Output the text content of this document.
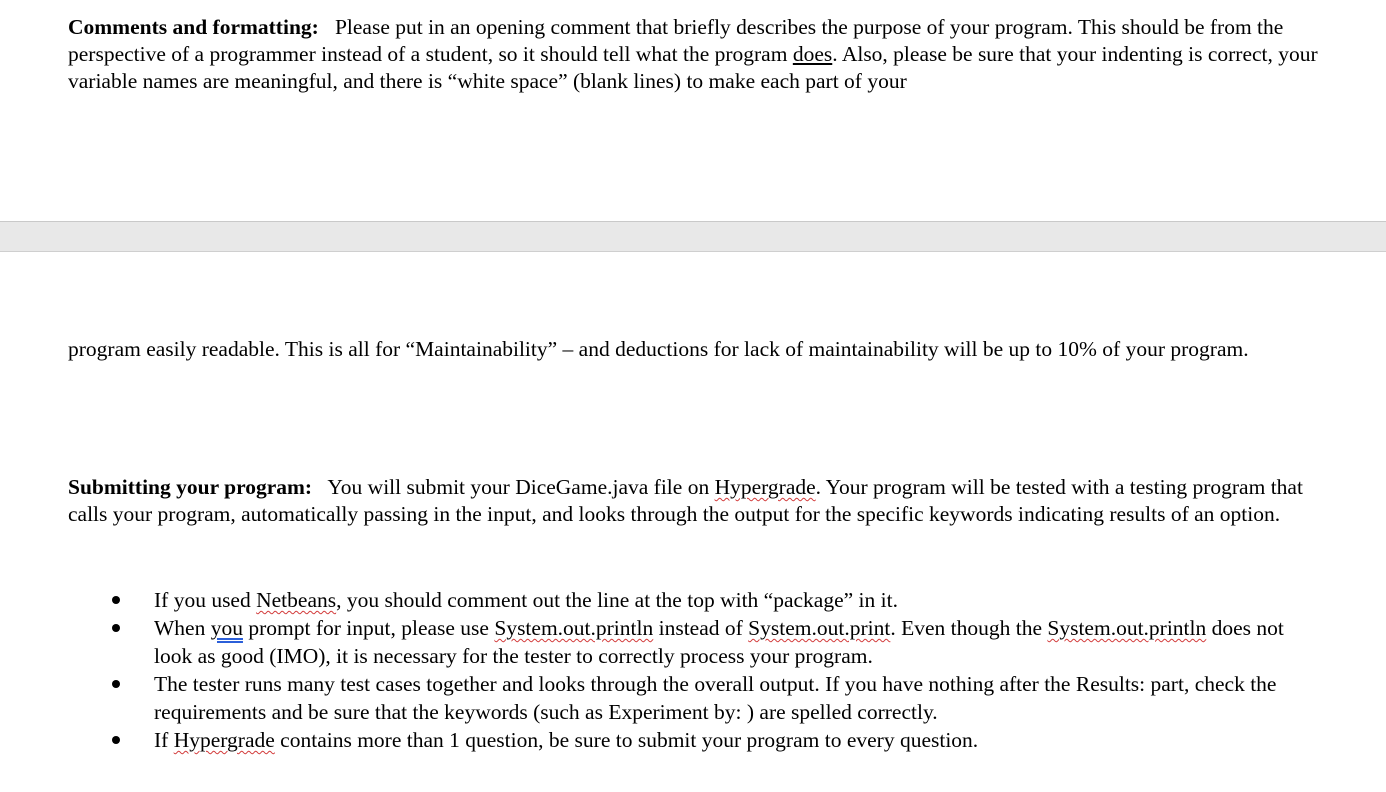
Comments and formatting: Please put in an opening comment that briefly describes the purpose of your program. This should be from the perspective of a programmer instead of a student, so it should tell what the program does. Also, please be sure that your indenting is correct, your variable names are meaningful, and there is “white space” (blank lines) to make each part of your
program easily readable. This is all for “Maintainability” – and deductions for lack of maintainability will be up to 10% of your program.
Submitting your program: You will submit your DiceGame.java file on Hypergrade. Your program will be tested with a testing program that calls your program, automatically passing in the input, and looks through the output for the specific keywords indicating results of an option.
If you used Netbeans, you should comment out the line at the top with “package” in it.
When you prompt for input, please use System.out.println instead of System.out.print. Even though the System.out.println does not look as good (IMO), it is necessary for the tester to correctly process your program.
The tester runs many test cases together and looks through the overall output. If you have nothing after the Results: part, check the requirements and be sure that the keywords (such as Experiment by: ) are spelled correctly.
If Hypergrade contains more than 1 question, be sure to submit your program to every question.
